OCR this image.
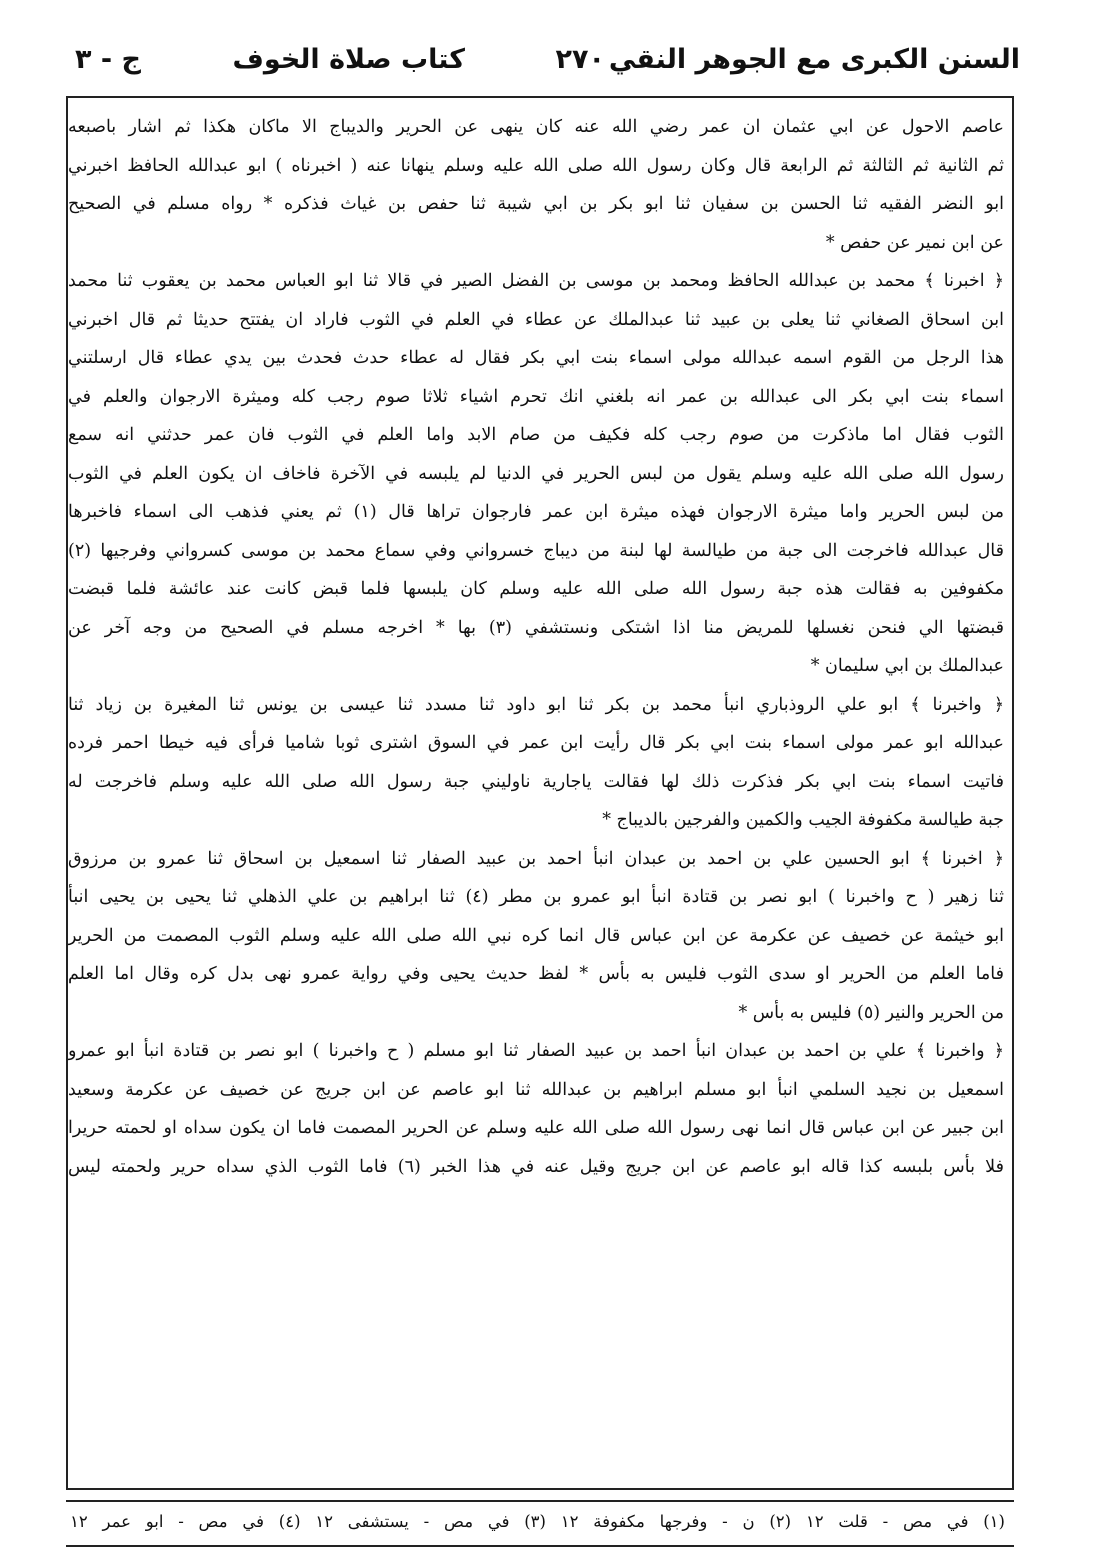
السنن الكبرى مع الجوهر النقي
٢٧٠
كتاب صلاة الخوف
ج - ٣
عاصم الاحول عن ابي عثمان ان عمر رضي الله عنه كان ينهى عن الحرير والديباج الا ماكان هكذا ثم اشار باصبعه
ثم الثانية ثم الثالثة ثم الرابعة قال وكان رسول الله صلى الله عليه وسلم ينهانا عنه ( اخبرناه ) ابو عبدالله الحافظ اخبرني
ابو النضر الفقيه ثنا الحسن بن سفيان ثنا ابو بكر بن ابي شيبة ثنا حفص بن غياث فذكره * رواه مسلم في الصحيح
عن ابن نمير عن حفص *
﴿ اخبرنا ﴾ محمد بن عبدالله الحافظ ومحمد بن موسى بن الفضل الصير في قالا ثنا ابو العباس محمد بن يعقوب ثنا محمد
ابن اسحاق الصغاني ثنا يعلى بن عبيد ثنا عبدالملك عن عطاء في العلم في الثوب فاراد ان يفتتح حديثا ثم قال اخبرني
هذا الرجل من القوم اسمه عبدالله مولى اسماء بنت ابي بكر فقال له عطاء حدث فحدث بين يدي عطاء قال ارسلتني
اسماء بنت ابي بكر الى عبدالله بن عمر انه بلغني انك تحرم اشياء ثلاثا صوم رجب كله وميثرة الارجوان والعلم في
الثوب فقال اما ماذكرت من صوم رجب كله فكيف من صام الابد واما العلم في الثوب فان عمر حدثني انه سمع
رسول الله صلى الله عليه وسلم يقول من لبس الحرير في الدنيا لم يلبسه في الآخرة فاخاف ان يكون العلم في الثوب
من لبس الحرير واما ميثرة الارجوان فهذه ميثرة ابن عمر فارجوان تراها قال (١) ثم يعني فذهب الى اسماء فاخبرها
قال عبدالله فاخرجت الى جبة من طيالسة لها لبنة من ديباج خسرواني وفي سماع محمد بن موسى كسرواني وفرجيها (٢)
مكفوفين به فقالت هذه جبة رسول الله صلى الله عليه وسلم كان يلبسها فلما قبض كانت عند عائشة فلما قبضت
قبضتها الي فنحن نغسلها للمريض منا اذا اشتكى ونستشفي (٣) بها * اخرجه مسلم في الصحيح من وجه آخر عن
عبدالملك بن ابي سليمان *
﴿ واخبرنا ﴾ ابو علي الروذباري انبأ محمد بن بكر ثنا ابو داود ثنا مسدد ثنا عيسى بن يونس ثنا المغيرة بن زياد ثنا
عبدالله ابو عمر مولى اسماء بنت ابي بكر قال رأيت ابن عمر في السوق اشترى ثوبا شاميا فرأى فيه خيطا احمر فرده
فاتيت اسماء بنت ابي بكر فذكرت ذلك لها فقالت ياجارية ناوليني جبة رسول الله صلى الله عليه وسلم فاخرجت له
جبة طيالسة مكفوفة الجيب والكمين والفرجين بالديباج *
﴿ اخبرنا ﴾ ابو الحسين علي بن احمد بن عبدان انبأ احمد بن عبيد الصفار ثنا اسمعيل بن اسحاق ثنا عمرو بن مرزوق
ثنا زهير ( ح واخبرنا ) ابو نصر بن قتادة انبأ ابو عمرو بن مطر (٤) ثنا ابراهيم بن علي الذهلي ثنا يحيى بن يحيى انبأ
ابو خيثمة عن خصيف عن عكرمة عن ابن عباس قال انما كره نبي الله صلى الله عليه وسلم الثوب المصمت من الحرير
فاما العلم من الحرير او سدى الثوب فليس به بأس * لفظ حديث يحيى وفي رواية عمرو نهى بدل كره وقال اما العلم
من الحرير والنير (٥) فليس به بأس *
﴿ واخبرنا ﴾ علي بن احمد بن عبدان انبأ احمد بن عبيد الصفار ثنا ابو مسلم ( ح واخبرنا ) ابو نصر بن قتادة انبأ ابو عمرو
اسمعيل بن نجيد السلمي انبأ ابو مسلم ابراهيم بن عبدالله ثنا ابو عاصم عن ابن جريج عن خصيف عن عكرمة وسعيد
ابن جبير عن ابن عباس قال انما نهى رسول الله صلى الله عليه وسلم عن الحرير المصمت فاما ان يكون سداه او لحمته حريرا
فلا بأس بلبسه كذا قاله ابو عاصم عن ابن جريج وقيل عنه في هذا الخبر (٦) فاما الثوب الذي سداه حرير ولحمته ليس
(١) في مص - قلت ١٢ (٢) ن - وفرجها مكفوفة ١٢ (٣) في مص - يستشفى ١٢ (٤) في مص - ابو عمر ١٢
